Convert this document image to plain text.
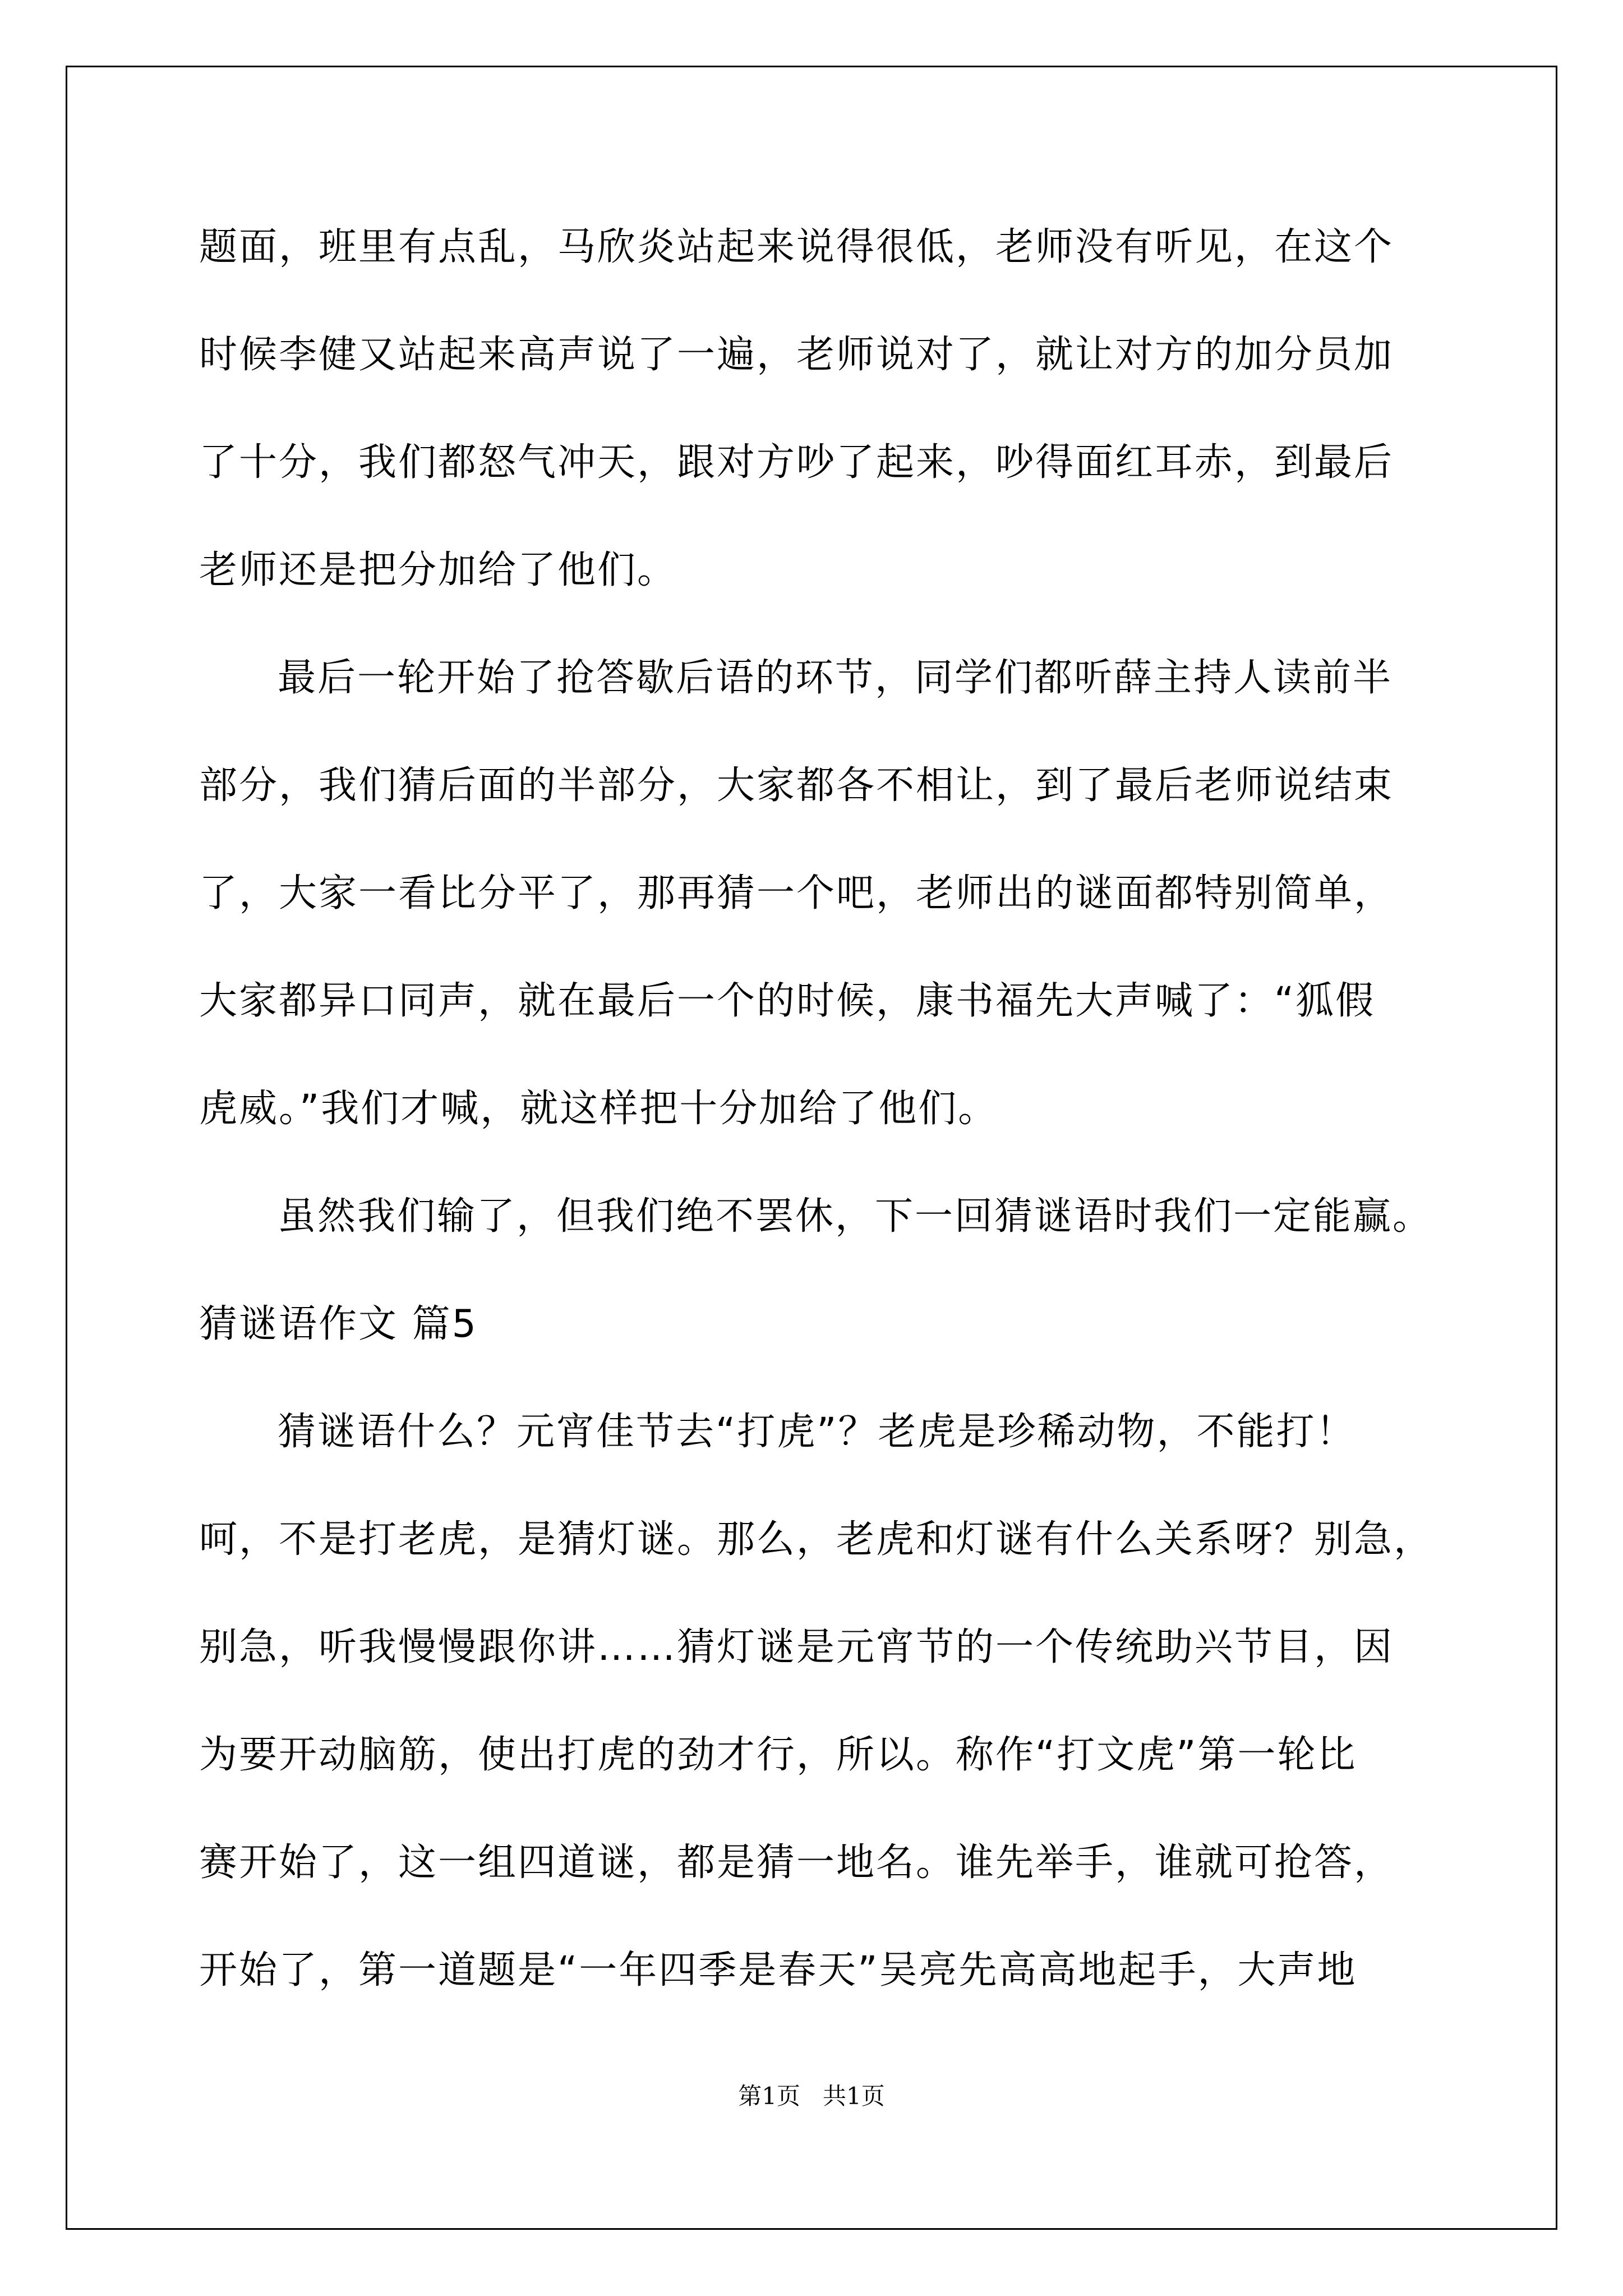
题面，班里有点乱，马欣炎站起来说得很低，老师没有听见，在这个
时候李健又站起来高声说了一遍，老师说对了，就让对方的加分员加
了十分，我们都怒气冲天，跟对方吵了起来，吵得面红耳赤，到最后
老师还是把分加给了他们。
最后一轮开始了抢答歇后语的环节，同学们都听薛主持人读前半
部分，我们猜后面的半部分，大家都各不相让，到了最后老师说结束
了，大家一看比分平了，那再猜一个吧，老师出的谜面都特别简单，
大家都异口同声，就在最后一个的时候，康书福先大声喊了：“狐假
虎威。”我们才喊，就这样把十分加给了他们。
虽然我们输了，但我们绝不罢休，下一回猜谜语时我们一定能赢。
猜谜语作文 篇5
猜谜语什么？元宵佳节去“打虎”？老虎是珍稀动物，不能打！
呵，不是打老虎，是猜灯谜。那么，老虎和灯谜有什么关系呀？别急，
别急，听我慢慢跟你讲……猜灯谜是元宵节的一个传统助兴节目，因
为要开动脑筋，使出打虎的劲才行，所以。称作“打文虎”第一轮比
赛开始了，这一组四道谜，都是猜一地名。谁先举手，谁就可抢答，
开始了，第一道题是“一年四季是春天”吴亮先高高地起手，大声地
第1页   共1页
